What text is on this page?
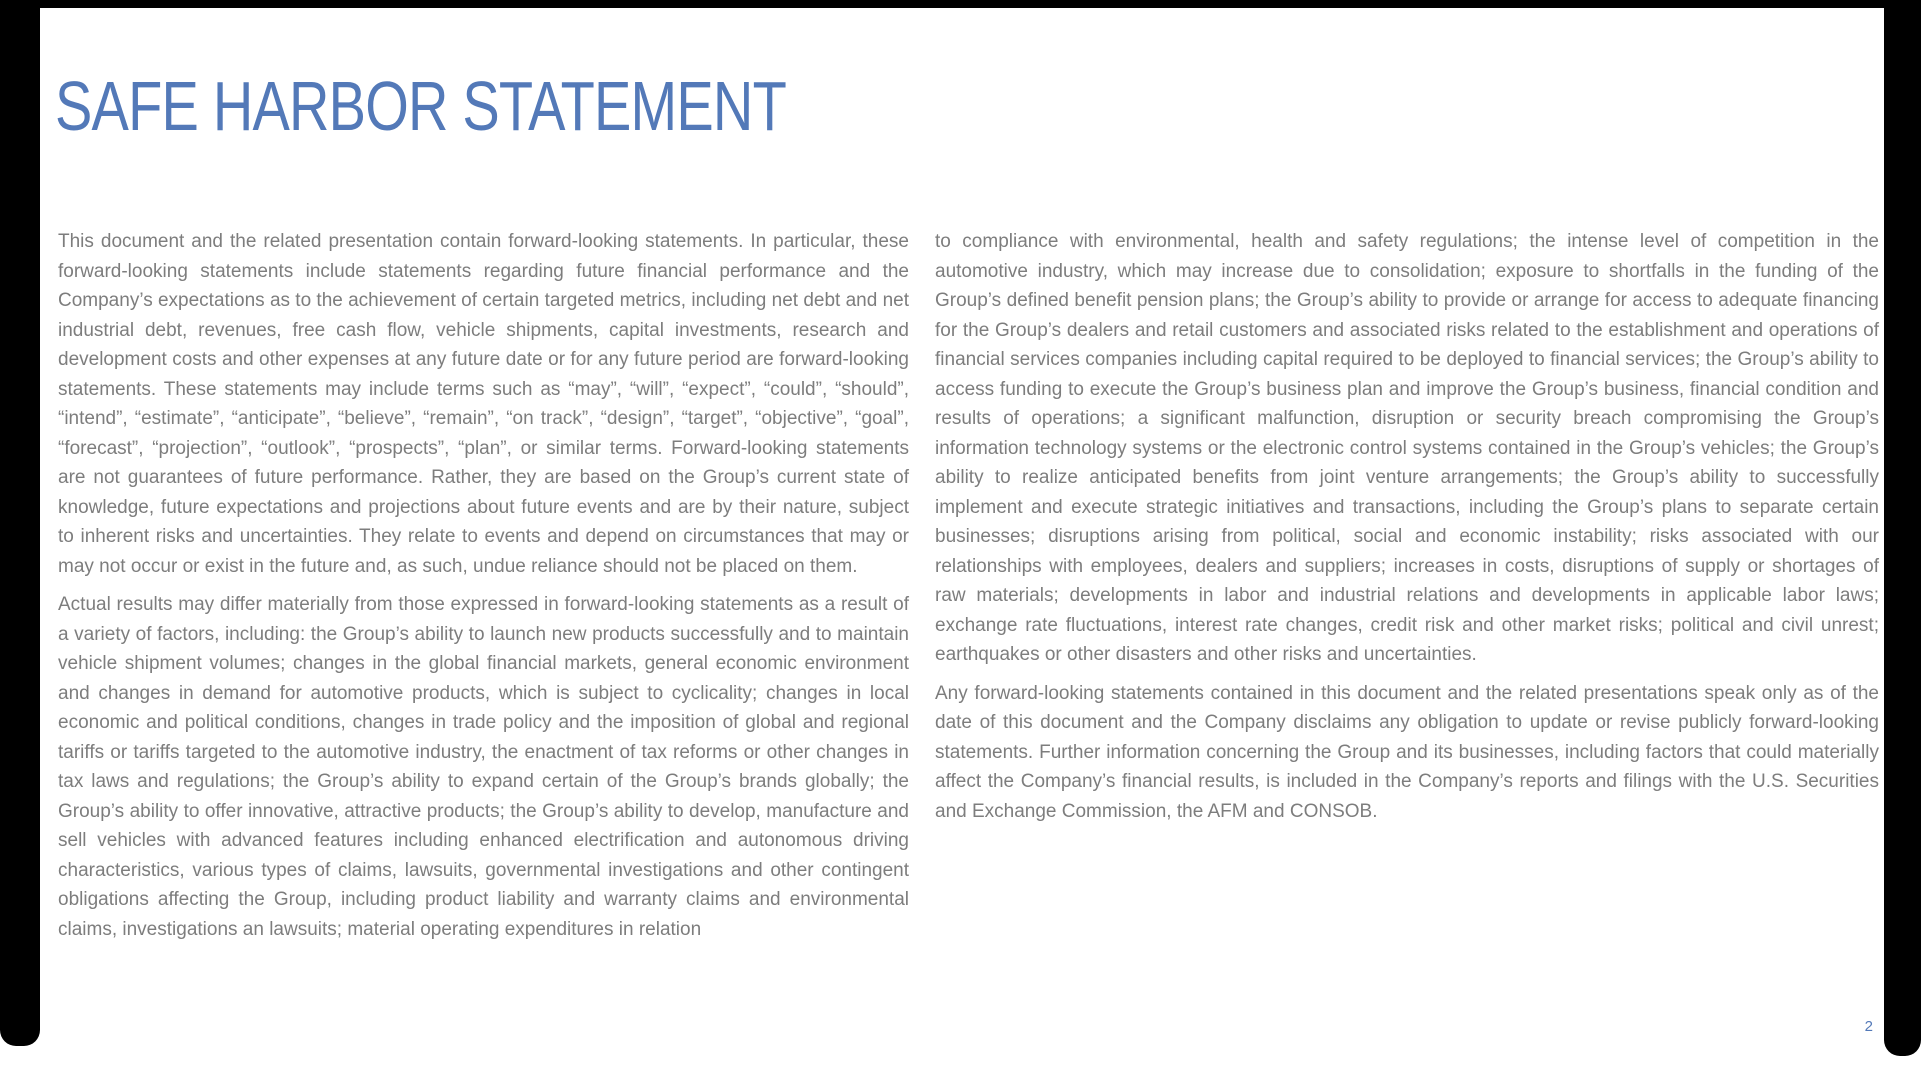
SAFE HARBOR STATEMENT

This document and the related presentation contain forward-looking statements. In particular, these forward-looking statements include statements regarding future financial performance and the Company’s expectations as to the achievement of certain targeted metrics, including net debt and net industrial debt, revenues, free cash flow, vehicle shipments, capital investments, research and development costs and other expenses at any future date or for any future period are forward-looking statements. These statements may include terms such as “may”, “will”, “expect”, “could”, “should”, “intend”, “estimate”, “anticipate”, “believe”, “remain”, “on track”, “design”, “target”, “objective”, “goal”, “forecast”, “projection”, “outlook”, “prospects”, “plan”, or similar terms. Forward-looking statements are not guarantees of future performance. Rather, they are based on the Group’s current state of knowledge, future expectations and projections about future events and are by their nature, subject to inherent risks and uncertainties. They relate to events and depend on circumstances that may or may not occur or exist in the future and, as such, undue reliance should not be placed on them.

Actual results may differ materially from those expressed in forward-looking statements as a result of a variety of factors, including: the Group’s ability to launch new products successfully and to maintain vehicle shipment volumes; changes in the global financial markets, general economic environment and changes in demand for automotive products, which is subject to cyclicality; changes in local economic and political conditions, changes in trade policy and the imposition of global and regional tariffs or tariffs targeted to the automotive industry, the enactment of tax reforms or other changes in tax laws and regulations; the Group’s ability to expand certain of the Group’s brands globally; the Group’s ability to offer innovative, attractive products; the Group’s ability to develop, manufacture and sell vehicles with advanced features including enhanced electrification and autonomous driving characteristics, various types of claims, lawsuits, governmental investigations and other contingent obligations affecting the Group, including product liability and warranty claims and environmental claims, investigations an lawsuits; material operating expenditures in relation

to compliance with environmental, health and safety regulations; the intense level of competition in the automotive industry, which may increase due to consolidation; exposure to shortfalls in the funding of the Group’s defined benefit pension plans; the Group’s ability to provide or arrange for access to adequate financing for the Group’s dealers and retail customers and associated risks related to the establishment and operations of financial services companies including capital required to be deployed to financial services; the Group’s ability to access funding to execute the Group’s business plan and improve the Group’s business, financial condition and results of operations; a significant malfunction, disruption or security breach compromising the Group’s information technology systems or the electronic control systems contained in the Group’s vehicles; the Group’s ability to realize anticipated benefits from joint venture arrangements; the Group’s ability to successfully implement and execute strategic initiatives and transactions, including the Group’s plans to separate certain businesses; disruptions arising from political, social and economic instability; risks associated with our relationships with employees, dealers and suppliers; increases in costs, disruptions of supply or shortages of raw materials; developments in labor and industrial relations and developments in applicable labor laws; exchange rate fluctuations, interest rate changes, credit risk and other market risks; political and civil unrest; earthquakes or other disasters and other risks and uncertainties.

Any forward-looking statements contained in this document and the related presentations speak only as of the date of this document and the Company disclaims any obligation to update or revise publicly forward-looking statements. Further information concerning the Group and its businesses, including factors that could materially affect the Company’s financial results, is included in the Company’s reports and filings with the U.S. Securities and Exchange Commission, the AFM and CONSOB.

2
